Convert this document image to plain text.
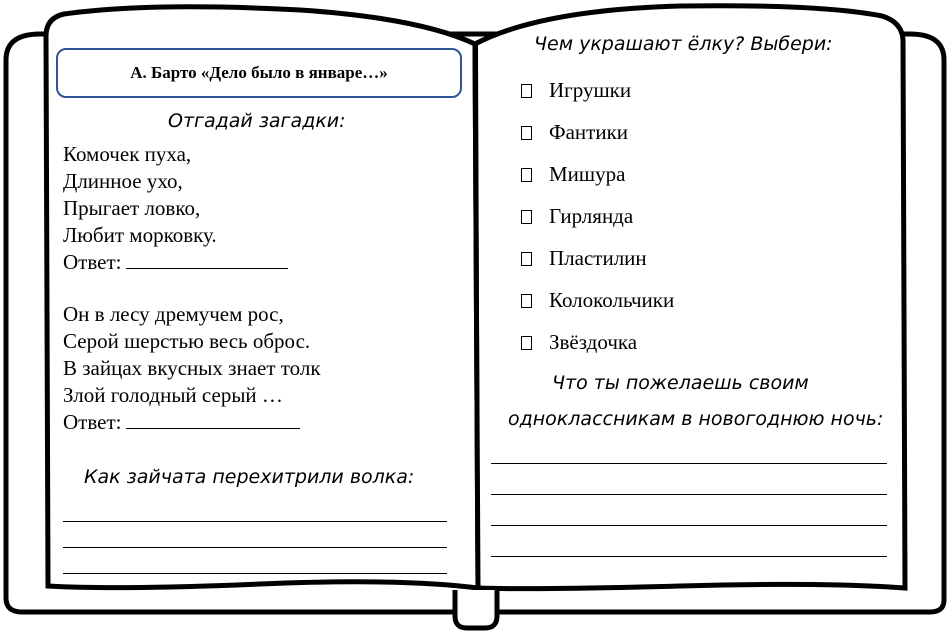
А. Барто «Дело было в январе…»
Отгадай загадки:
Комочек пуха,
Длинное ухо,
Прыгает ловко,
Любит морковку.
Ответ:
Он в лесу дремучем рос,
Серой шерстью весь оброс.
В зайцах вкусных знает толк
Злой голодный серый …
Ответ:
Как зайчата перехитрили волка:
Чем украшают ёлку? Выбери:
Игрушки
Фантики
Мишура
Гирлянда
Пластилин
Колокольчики
Звёздочка
Что ты пожелаешь своим
одноклассникам в новогоднюю ночь:
